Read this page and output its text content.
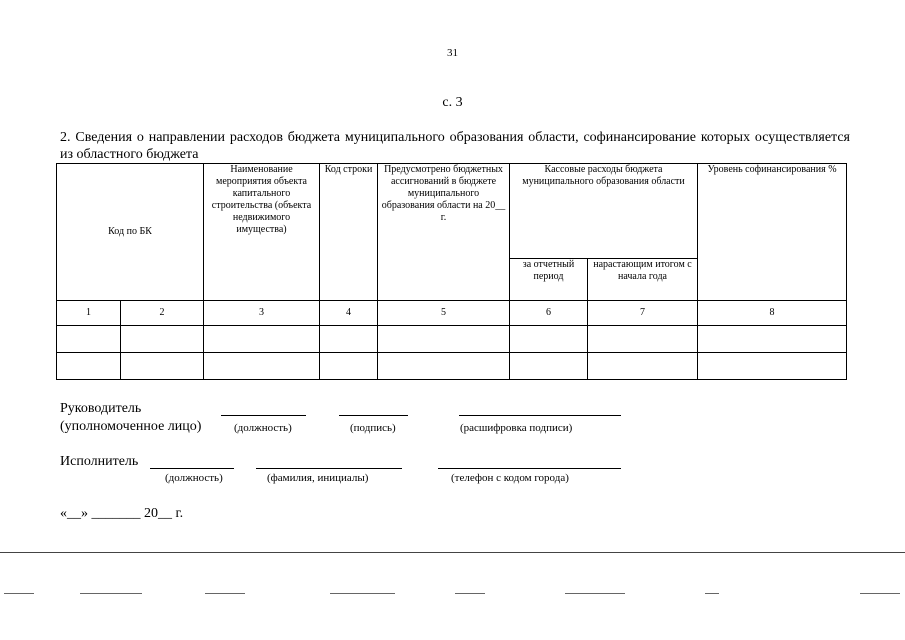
31
с. 3
2. Сведения о направлении расходов бюджета муниципального образования области, софинансирование которых осуществляется из областного бюджета
Код по БК		Наименование мероприятия объекта капитального строительства (объекта недвижимого имущества)	Код строки	Предусмотрено бюджетных ассигнований в бюджете муниципального образования области на 20__ г.	Кассовые расходы бюджета муниципального образования области		Уровень софинансирования %
					за отчетный период	нарастающим итогом с начала года	
1	2	3	4	5	6	7	8

Руководитель
(уполномоченное лицо)	(должность)	(подпись)	(расшифровка подписи)
Исполнитель
(должность)	(фамилия, инициалы)	(телефон с кодом города)
«__» _______ 20__ г.
